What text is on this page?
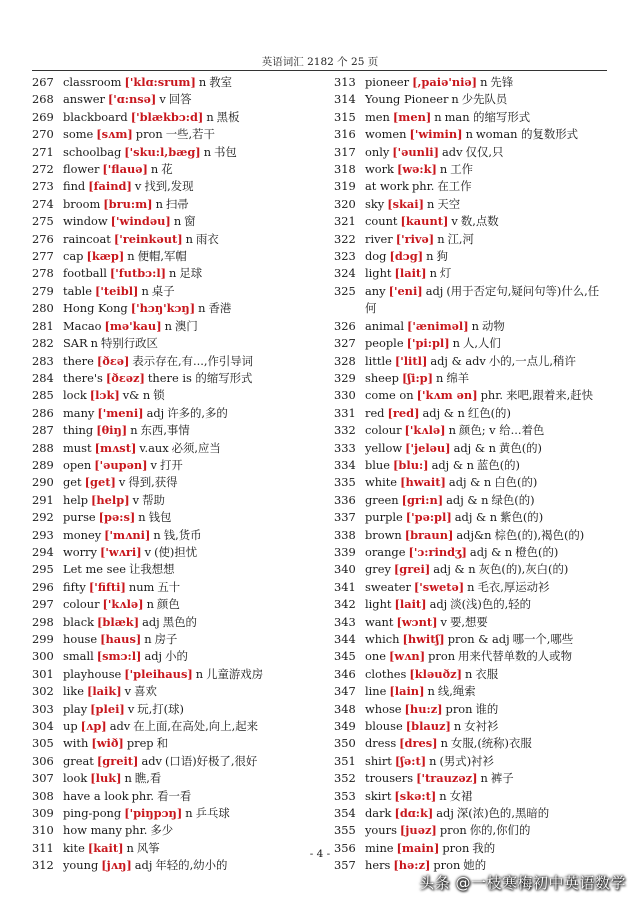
英语词汇 2182 个 25 页
267 classroom ['klɑ:srum] n 教室
268 answer ['ɑ:nsə] v 回答
269 blackboard ['blækbɔ:d] n 黑板
270 some [sʌm] pron 一些,若干
271 schoolbag ['sku:l,bæg] n 书包
272 flower ['flauə] n 花
273 find [faind] v 找到,发现
274 broom [bru:m] n 扫帚
275 window ['windəu] n 窗
276 raincoat ['reinkəut] n 雨衣
277 cap [kæp] n 便帽,军帽
278 football ['futbɔ:l] n 足球
279 table ['teibl] n 桌子
280 Hong Kong ['hɔŋ'kɔŋ] n 香港
281 Macao [mə'kau] n 澳门
282 SAR n 特别行政区
283 there [ðɛə] 表示存在,有...,作引导词
284 there's [ðɛəz] there is 的缩写形式
285 lock [lɔk] v& n 锁
286 many ['meni] adj 许多的,多的
287 thing [θiŋ] n 东西,事情
288 must [mʌst] v.aux 必须,应当
289 open ['əupən] v 打开
290 get [get] v 得到,获得
291 help [help] v 帮助
292 purse [pə:s] n 钱包
293 money ['mʌni] n 钱,货币
294 worry ['wʌri] v (使)担忧
295 Let me see 让我想想
296 fifty ['fifti] num 五十
297 colour ['kʌlə] n 颜色
298 black [blæk] adj 黑色的
299 house [haus] n 房子
300 small [smɔ:l] adj 小的
301 playhouse ['pleihaus] n 儿童游戏房
302 like [laik] v 喜欢
303 play [plei] v 玩,打(球)
304 up [ʌp] adv 在上面,在高处,向上,起来
305 with [wið] prep 和
306 great [greit] adv (口语)好极了,很好
307 look [luk] n 瞧,看
308 have a look phr. 看一看
309 ping-pong ['piŋpɔŋ] n 乒乓球
310 how many phr. 多少
311 kite [kait] n 风筝
312 young [jʌŋ] adj 年轻的,幼小的
313 pioneer [,paiə'niə] n 先锋
314 Young Pioneer n 少先队员
315 men [men] n man 的缩写形式
316 women ['wimin] n woman 的复数形式
317 only ['əunli] adv 仅仅,只
318 work [wə:k] n 工作
319 at work phr. 在工作
320 sky [skai] n 天空
321 count [kaunt] v 数,点数
322 river ['rivə] n 江,河
323 dog [dɔg] n 狗
324 light [lait] n 灯
325 any ['eni] adj (用于否定句,疑问句等)什么,任何
326 animal ['æniməl] n 动物
327 people ['pi:pl] n 人,人们
328 little ['litl] adj & adv 小的,一点儿,稍许
329 sheep [ʃi:p] n 绵羊
330 come on ['kʌm ən] phr. 来吧,跟着来,赶快
331 red [red] adj & n 红色(的)
332 colour ['kʌlə] n 颜色; v 给...着色
333 yellow ['jeləu] adj & n 黄色(的)
334 blue [blu:] adj & n 蓝色(的)
335 white [hwait] adj & n 白色(的)
336 green [gri:n] adj & n 绿色(的)
337 purple ['pə:pl] adj & n 紫色(的)
338 brown [braun] adj&n 棕色(的),褐色(的)
339 orange ['ɔ:rindʒ] adj & n 橙色(的)
340 grey [grei] adj & n 灰色(的),灰白(的)
341 sweater ['swetə] n 毛衣,厚运动衫
342 light [lait] adj 淡(浅)色的,轻的
343 want [wɔnt] v 要,想要
344 which [hwitʃ] pron & adj 哪一个,哪些
345 one [wʌn] pron 用来代替单数的人或物
346 clothes [kləuðz] n 衣服
347 line [lain] n 线,绳索
348 whose [hu:z] pron 谁的
349 blouse [blauz] n 女衬衫
350 dress [dres] n 女服,(统称)衣服
351 shirt [ʃə:t] n (男式)衬衫
352 trousers ['trauzəz] n 裤子
353 skirt [skə:t] n 女裙
354 dark [dɑ:k] adj 深(浓)色的,黑暗的
355 yours [juəz] pron 你的,你们的
356 mine [main] pron 我的
357 hers [hə:z] pron 她的
- 4 -
头条 @一枝寒梅初中英语数学
